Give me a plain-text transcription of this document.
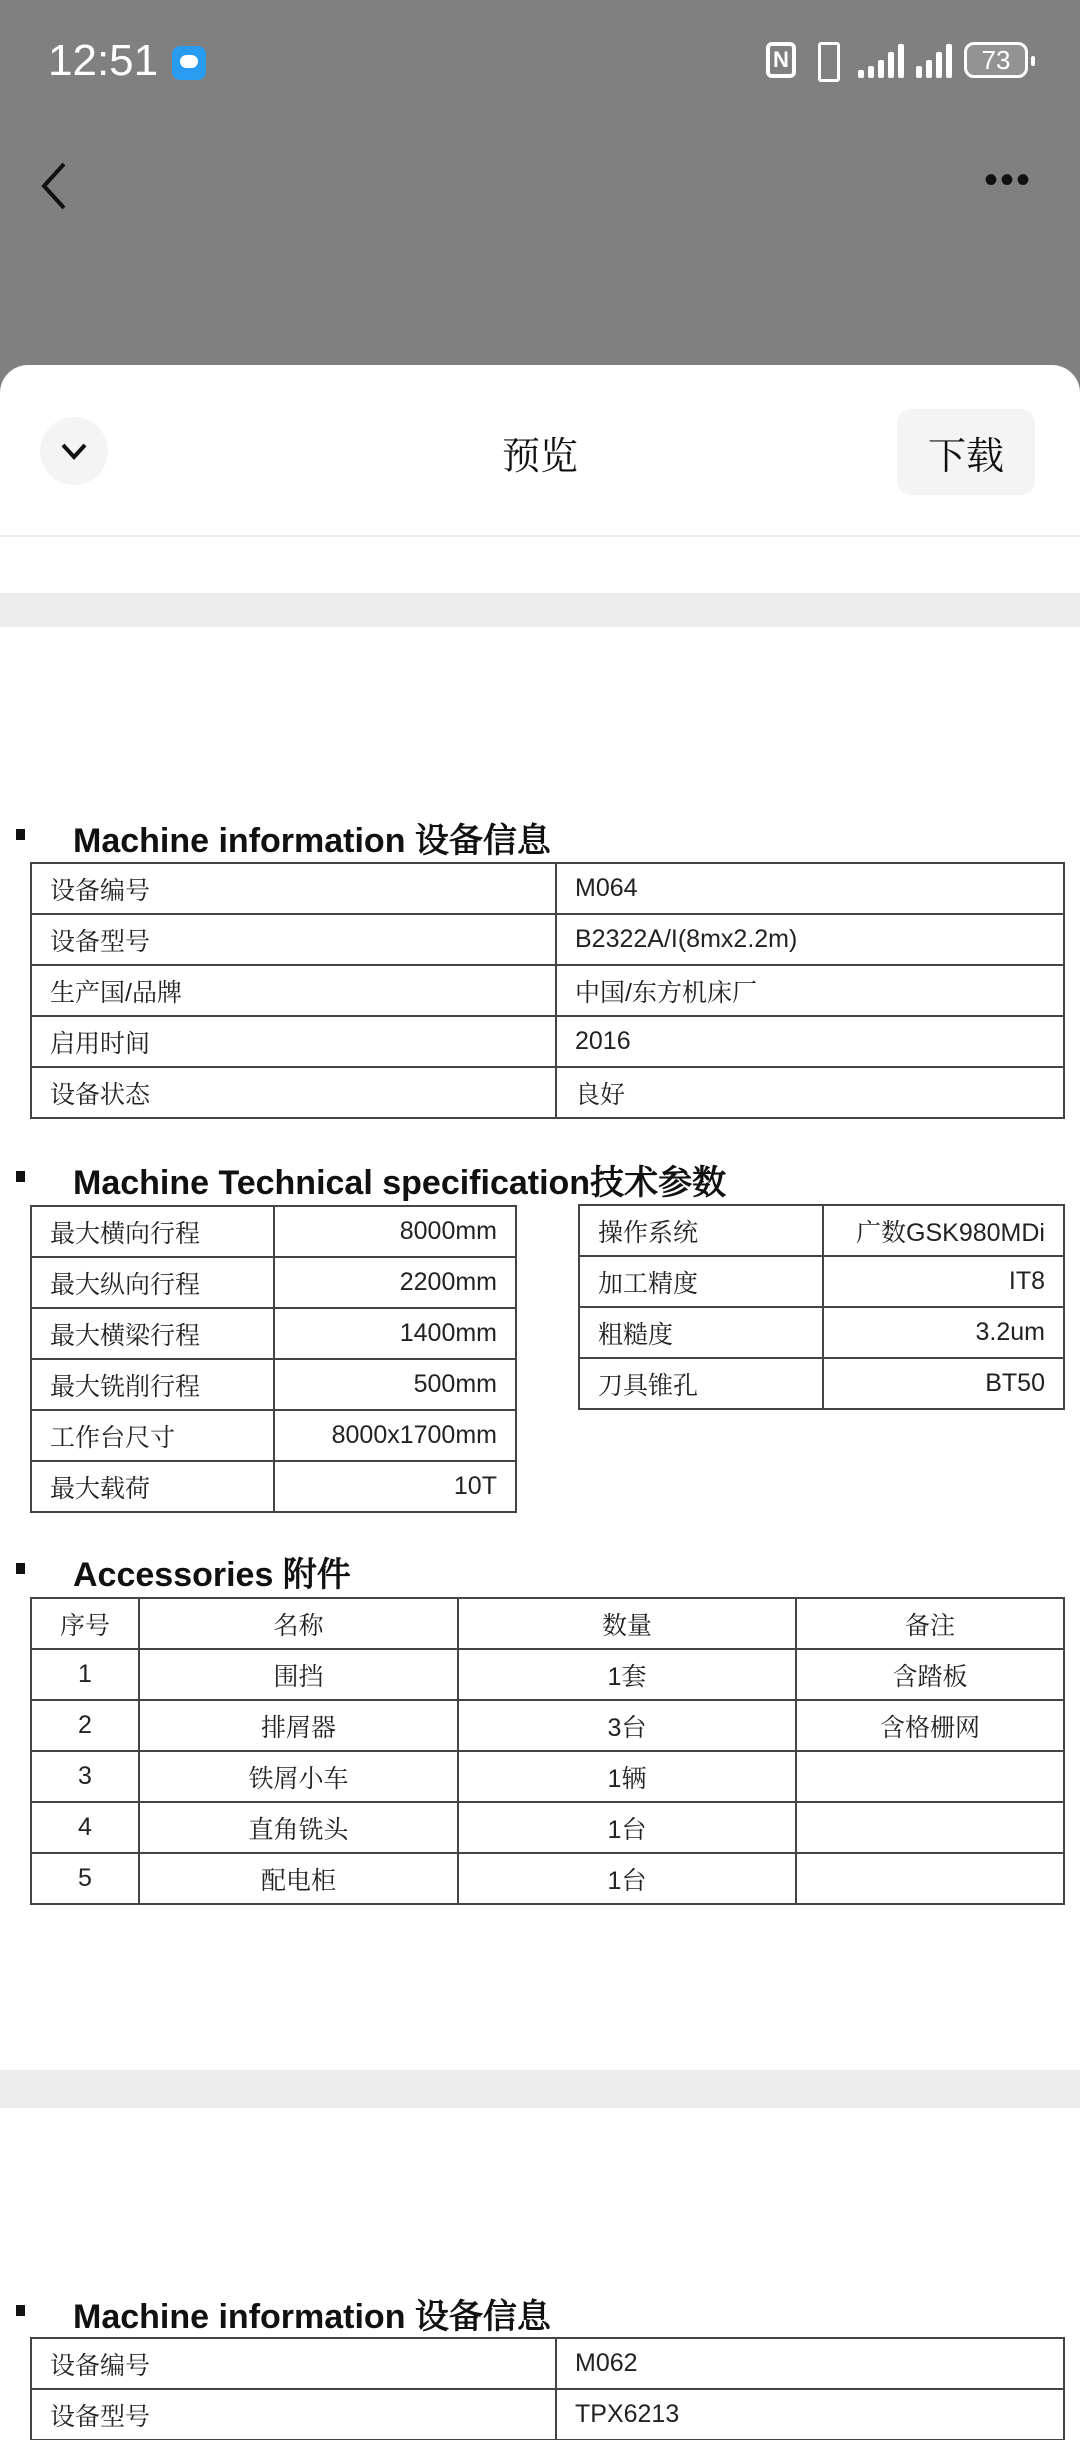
12:51	N	73
•••
预览	下载
Machine information 设备信息
设备编号	M064
设备型号	B2322A/I(8mx2.2m)
生产国/品牌	中国/东方机床厂
启用时间	2016
设备状态	良好
Machine Technical specification技术参数
最大横向行程	8000mm
最大纵向行程	2200mm
最大横梁行程	1400mm
最大铣削行程	500mm
工作台尺寸	8000x1700mm
最大载荷	10T
操作系统	广数GSK980MDi
加工精度	IT8
粗糙度	3.2um
刀具锥孔	BT50
Accessories 附件
序号	名称	数量	备注
1	围挡	1套	含踏板
2	排屑器	3台	含格栅网
3	铁屑小车	1辆	
4	直角铣头	1台	
5	配电柜	1台	
Machine information 设备信息
设备编号	M062
设备型号	TPX6213
